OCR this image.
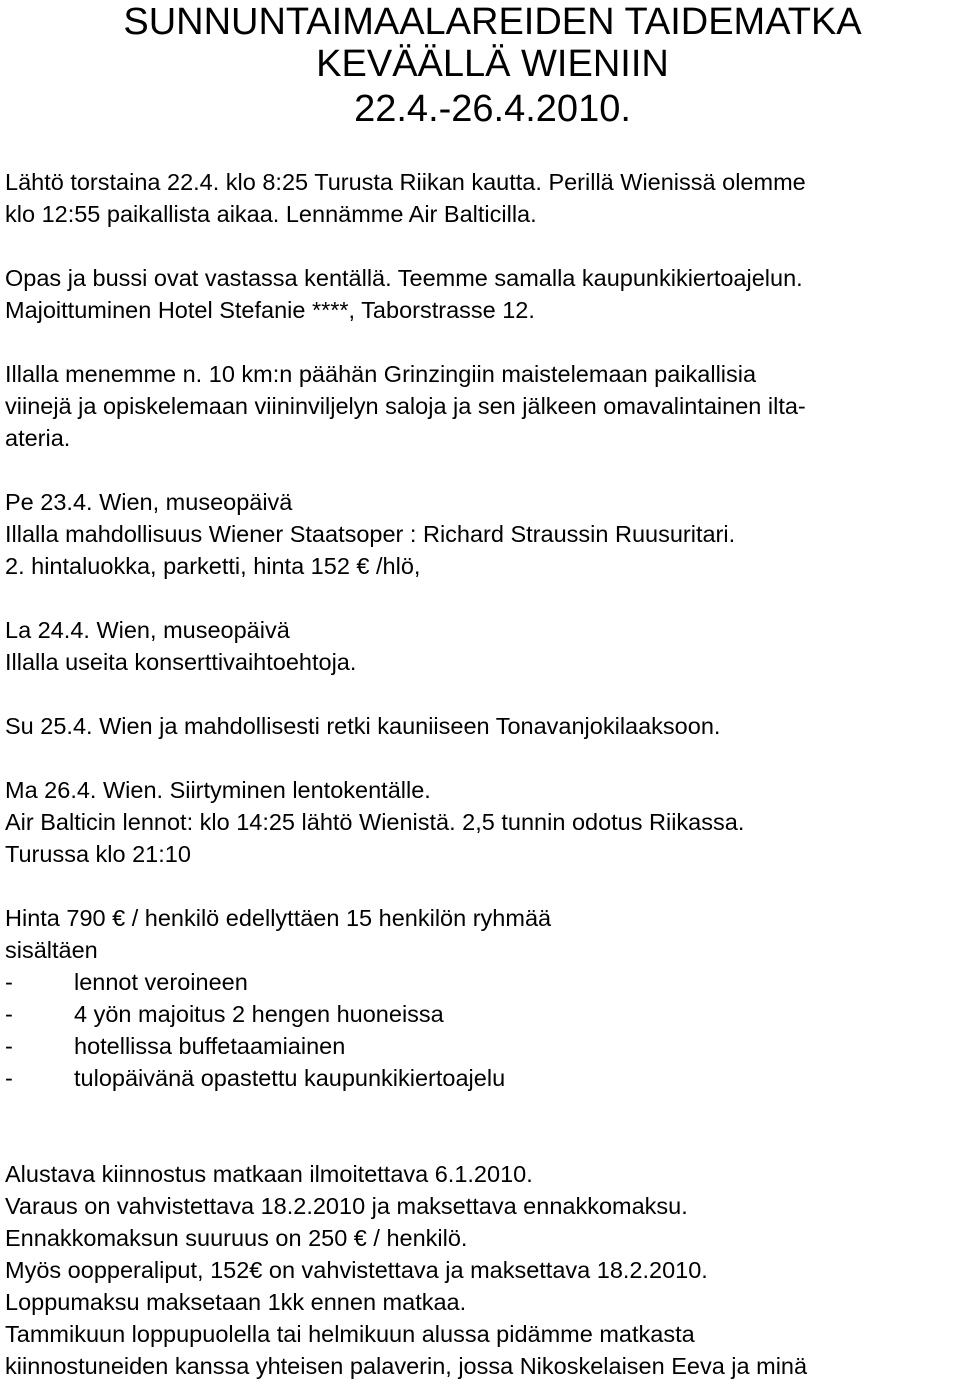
SUNNUNTAIMAALAREIDEN TAIDEMATKA
KEVÄÄLLÄ WIENIIN
22.4.-26.4.2010.

Lähtö torstaina 22.4. klo 8:25 Turusta Riikan kautta. Perillä Wienissä olemme

klo 12:55 paikallista aikaa. Lennämme Air Balticilla.

Opas ja bussi ovat vastassa kentällä. Teemme samalla kaupunkikiertoajelun.

Majoittuminen Hotel Stefanie ****, Taborstrasse 12.

Illalla menemme n. 10 km:n päähän Grinzingiin maistelemaan paikallisia

viinejä ja opiskelemaan viininviljelyn saloja ja sen jälkeen omavalintainen ilta-

ateria.

Pe 23.4. Wien, museopäivä

Illalla mahdollisuus Wiener Staatsoper : Richard Straussin Ruusuritari.

2. hintaluokka, parketti, hinta 152 € /hlö,

La 24.4. Wien, museopäivä

Illalla useita konserttivaihtoehtoja.

Su 25.4. Wien ja mahdollisesti retki kauniiseen Tonavanjokilaaksoon.

Ma 26.4. Wien. Siirtyminen lentokentälle.

Air Balticin lennot: klo 14:25 lähtö Wienistä. 2,5 tunnin odotus Riikassa.

Turussa klo 21:10

Hinta 790 € / henkilö edellyttäen 15 henkilön ryhmää

sisältäen

-	lennot veroineen
-	4 yön majoitus 2 hengen huoneissa
-	hotellissa buffetaamiainen
-	tulopäivänä opastettu kaupunkikiertoajelu

Alustava kiinnostus matkaan ilmoitettava 6.1.2010.

Varaus on vahvistettava 18.2.2010 ja maksettava ennakkomaksu.

Ennakkomaksun suuruus on 250 € / henkilö.

Myös oopperaliput, 152€ on vahvistettava ja maksettava 18.2.2010.

Loppumaksu maksetaan 1kk ennen matkaa.

Tammikuun loppupuolella tai helmikuun alussa pidämme matkasta

kiinnostuneiden kanssa yhteisen palaverin, jossa Nikoskelaisen Eeva ja minä
